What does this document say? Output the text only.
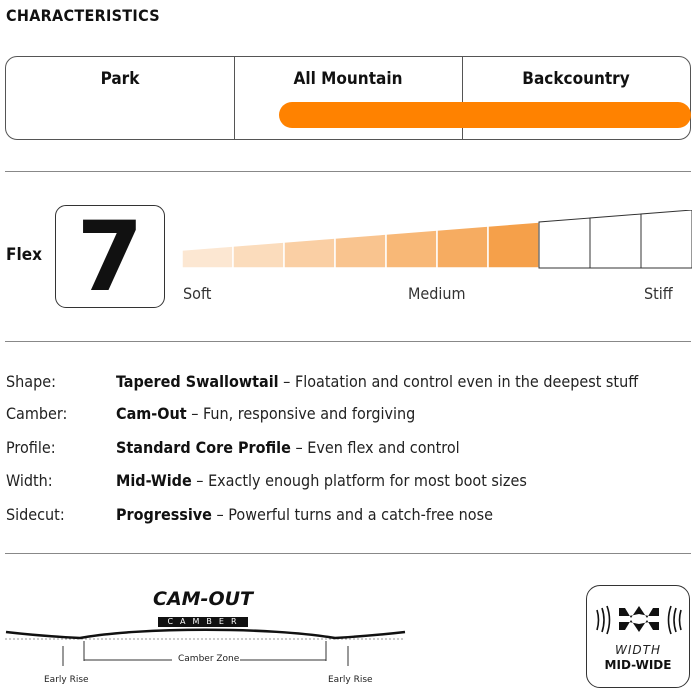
CHARACTERISTICS
Park	All Mountain	Backcountry
Flex 7	Soft	Medium	Stiff
Shape:	Tapered Swallowtail – Floatation and control even in the deepest stuff
Camber:	Cam-Out – Fun, responsive and forgiving
Profile:	Standard Core Profile – Even flex and control
Width:	Mid-Wide – Exactly enough platform for most boot sizes
Sidecut:	Progressive – Powerful turns and a catch-free nose
CAM-OUT
CAMBER
Camber Zone
Early Rise	Early Rise
WIDTH
MID-WIDE
